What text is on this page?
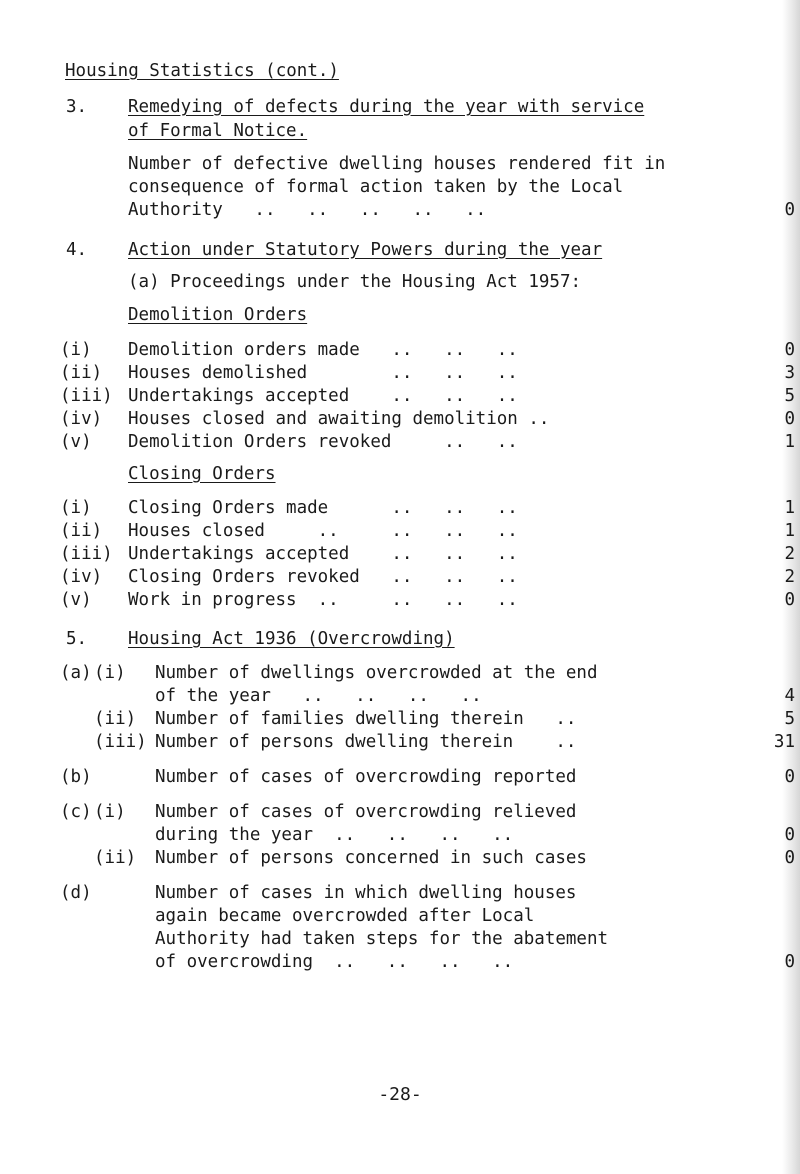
Housing Statistics (cont.)
3. Remedying of defects during the year with service
of Formal Notice.
Number of defective dwelling houses rendered fit in
consequence of formal action taken by the Local
Authority   ..   ..   ..   ..   ..	0
4. Action under Statutory Powers during the year
(a) Proceedings under the Housing Act 1957:
Demolition Orders
(i) Demolition orders made   ..   ..   ..	0
(ii) Houses demolished        ..   ..   ..	3
(iii) Undertakings accepted    ..   ..   ..	5
(iv) Houses closed and awaiting demolition ..	0
(v) Demolition Orders revoked     ..   ..	1
Closing Orders
(i) Closing Orders made      ..   ..   ..	1
(ii) Houses closed     ..     ..   ..   ..	1
(iii) Undertakings accepted    ..   ..   ..	2
(iv) Closing Orders revoked   ..   ..   ..	2
(v) Work in progress  ..     ..   ..   ..	0
5. Housing Act 1936 (Overcrowding)
(a) (i) Number of dwellings overcrowded at the end
of the year   ..   ..   ..   ..	4
(ii) Number of families dwelling therein   ..	5
(iii) Number of persons dwelling therein    ..	31
(b)	Number of cases of overcrowding reported	0
(c) (i) Number of cases of overcrowding relieved
during the year  ..   ..   ..   ..	0
(ii) Number of persons concerned in such cases	0
(d)	Number of cases in which dwelling houses
again became overcrowded after Local
Authority had taken steps for the abatement
of overcrowding  ..   ..   ..   ..	0
-28-
